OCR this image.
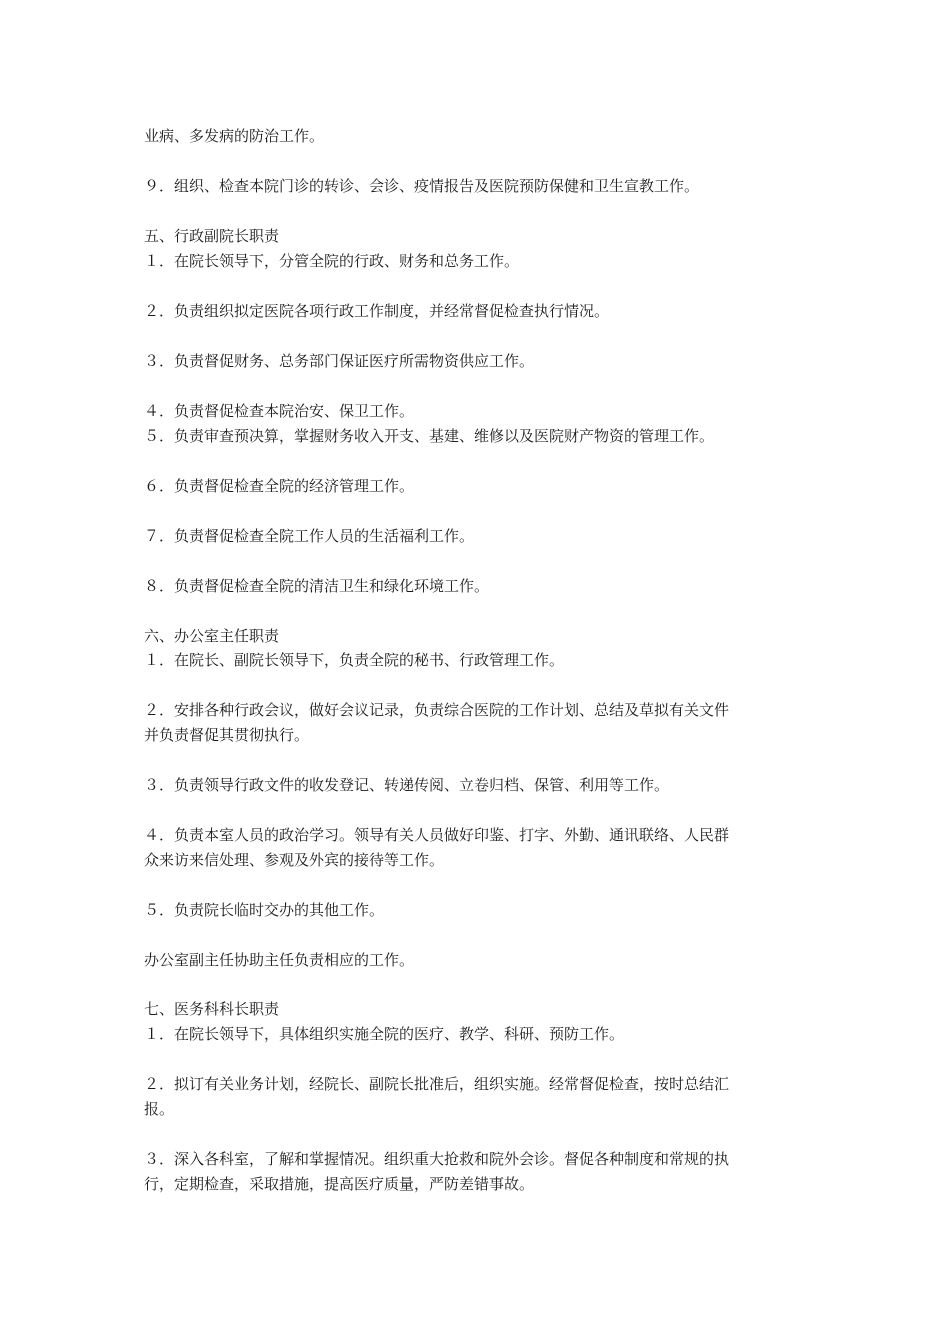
业病、多发病的防治工作。
９．组织、检查本院门诊的转诊、会诊、疫情报告及医院预防保健和卫生宣教工作。
五、行政副院长职责
１．在院长领导下，分管全院的行政、财务和总务工作。
２．负责组织拟定医院各项行政工作制度，并经常督促检查执行情况。
３．负责督促财务、总务部门保证医疗所需物资供应工作。
４．负责督促检查本院治安、保卫工作。
５．负责审查预决算，掌握财务收入开支、基建、维修以及医院财产物资的管理工作。
６．负责督促检查全院的经济管理工作。
７．负责督促检查全院工作人员的生活福利工作。
８．负责督促检查全院的清洁卫生和绿化环境工作。
六、办公室主任职责
１．在院长、副院长领导下，负责全院的秘书、行政管理工作。
２．安排各种行政会议，做好会议记录，负责综合医院的工作计划、总结及草拟有关文件
并负责督促其贯彻执行。
３．负责领导行政文件的收发登记、转递传阅、立卷归档、保管、利用等工作。
４．负责本室人员的政治学习。领导有关人员做好印鉴、打字、外勤、通讯联络、人民群
众来访来信处理、参观及外宾的接待等工作。
５．负责院长临时交办的其他工作。
办公室副主任协助主任负责相应的工作。
七、医务科科长职责
１．在院长领导下，具体组织实施全院的医疗、教学、科研、预防工作。
２．拟订有关业务计划，经院长、副院长批准后，组织实施。经常督促检查，按时总结汇
报。
３．深入各科室，了解和掌握情况。组织重大抢救和院外会诊。督促各种制度和常规的执
行，定期检查，采取措施，提高医疗质量，严防差错事故。
